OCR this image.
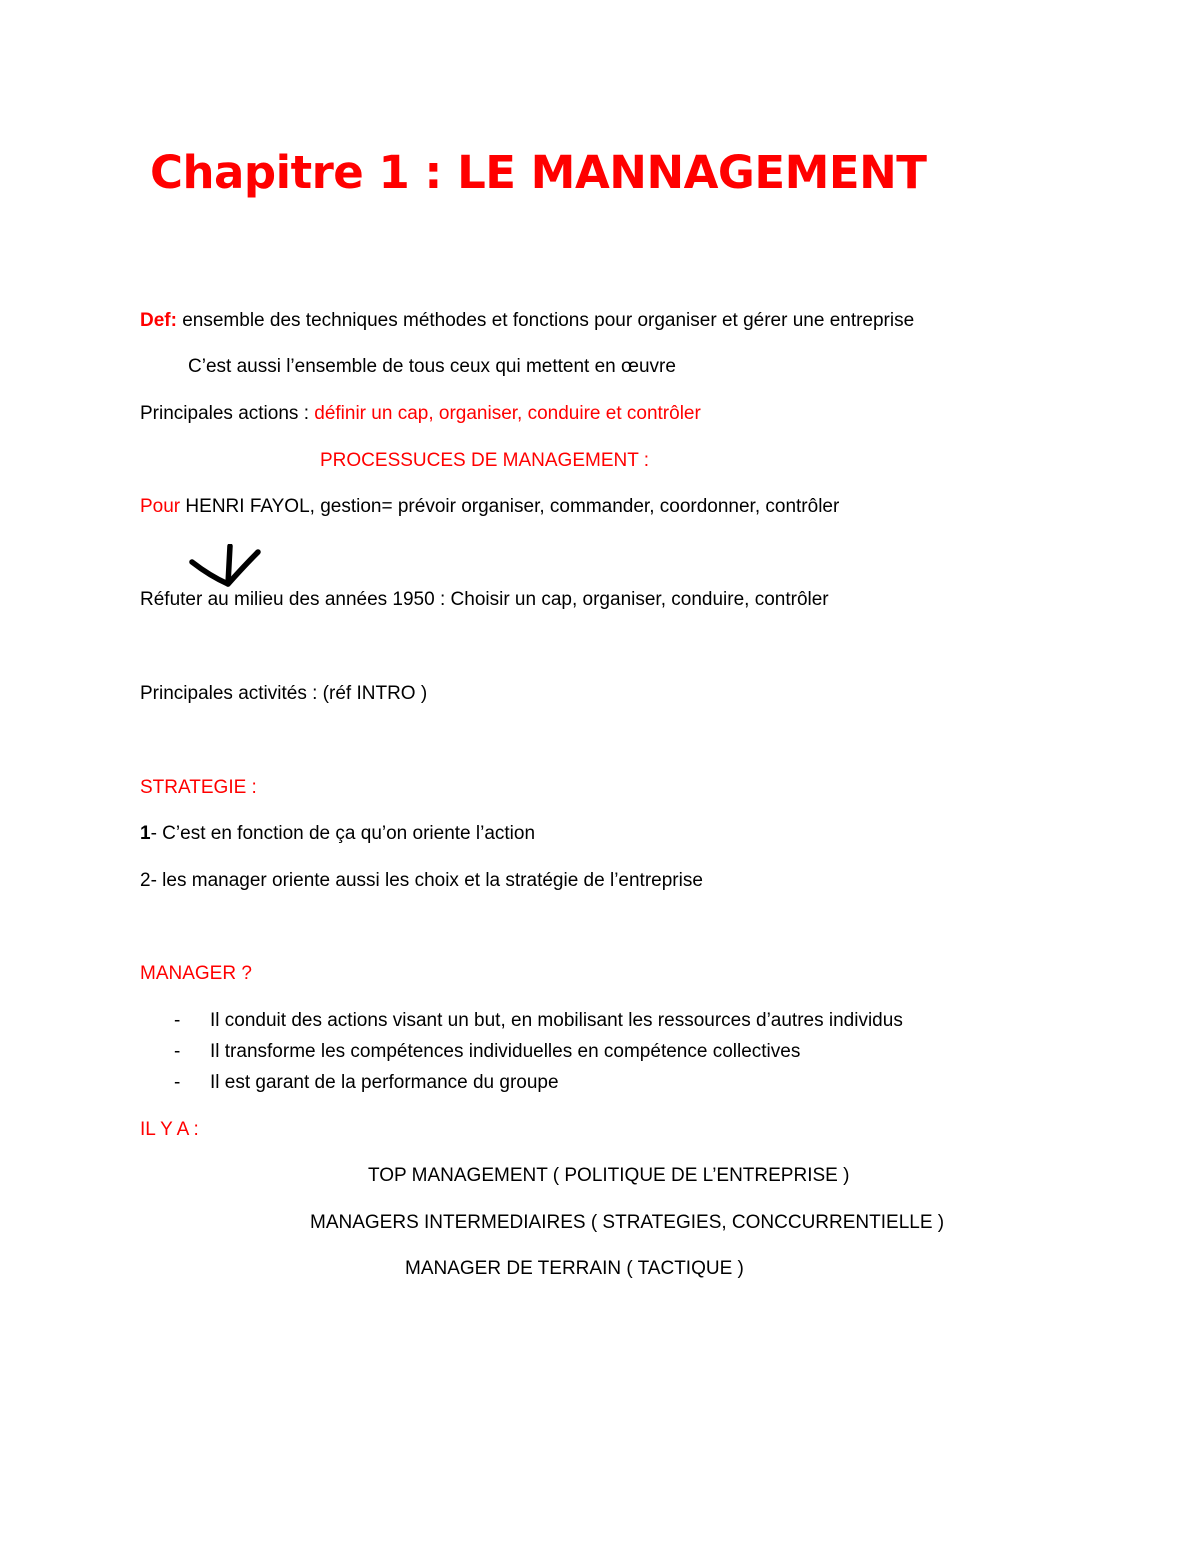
Chapitre 1 : LE MANNAGEMENT
Def: ensemble des techniques méthodes et fonctions pour organiser et gérer une entreprise
C’est aussi l’ensemble de tous ceux qui mettent en œuvre
Principales actions : définir un cap, organiser, conduire et contrôler
PROCESSUCES DE MANAGEMENT :
Pour HENRI FAYOL, gestion= prévoir organiser, commander, coordonner, contrôler
Réfuter au milieu des années 1950 : Choisir un cap, organiser, conduire, contrôler
Principales activités : (réf INTRO )
STRATEGIE :
1- C’est en fonction de ça qu’on oriente l’action
2- les manager oriente aussi les choix et la stratégie de l’entreprise
MANAGER ?
- Il conduit des actions visant un but, en mobilisant les ressources d’autres individus
- Il transforme les compétences individuelles en compétence collectives
- Il est garant de la performance du groupe
IL Y A :
TOP MANAGEMENT ( POLITIQUE DE L’ENTREPRISE )
MANAGERS INTERMEDIAIRES ( STRATEGIES, CONCCURRENTIELLE )
MANAGER DE TERRAIN ( TACTIQUE )
